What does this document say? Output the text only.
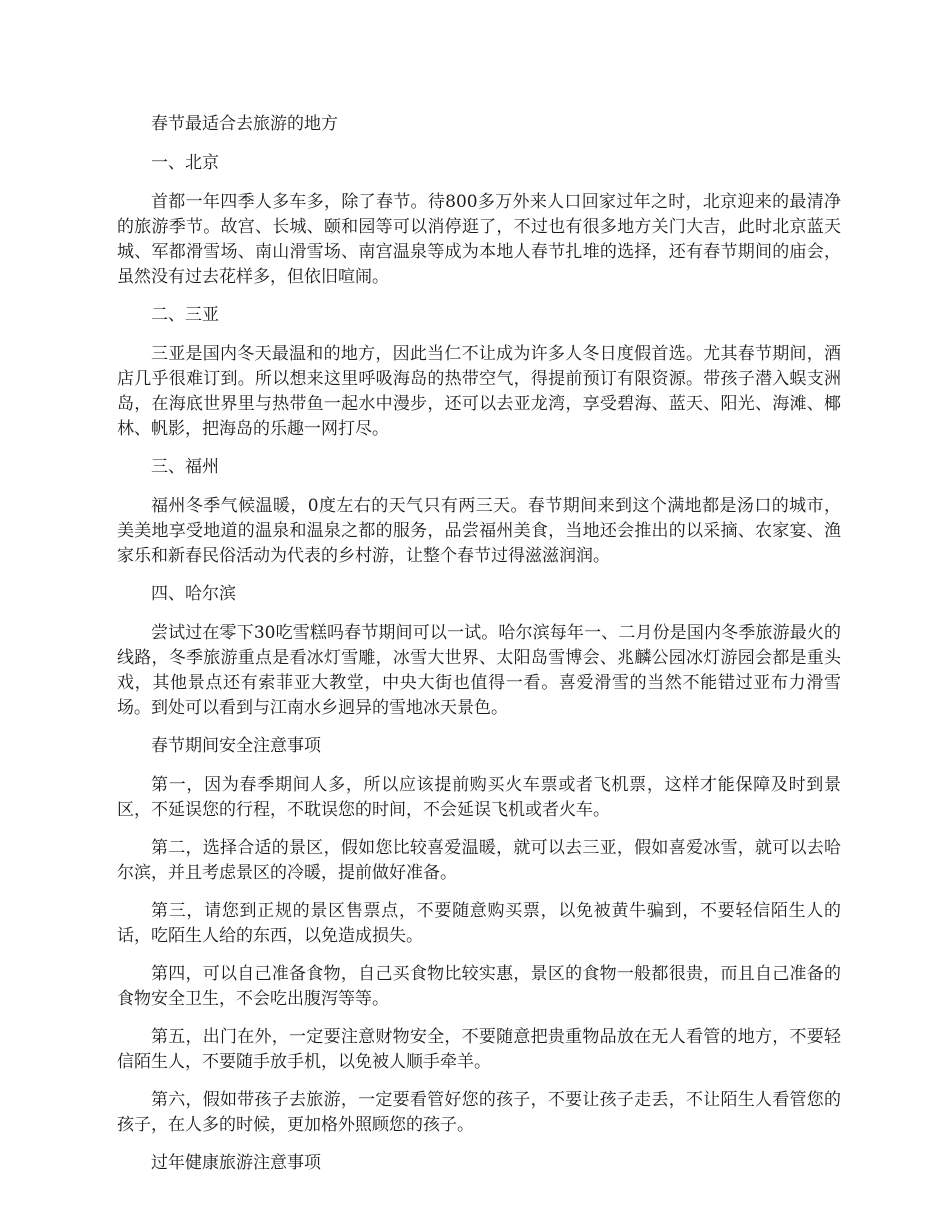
春节最适合去旅游的地方

一、北京

首都一年四季人多车多，除了春节。待800多万外来人口回家过年之时，北京迎来的最清净的旅游季节。故宫、长城、颐和园等可以消停逛了，不过也有很多地方关门大吉，此时北京蓝天城、军都滑雪场、南山滑雪场、南宫温泉等成为本地人春节扎堆的选择，还有春节期间的庙会，虽然没有过去花样多，但依旧喧闹。

二、三亚

三亚是国内冬天最温和的地方，因此当仁不让成为许多人冬日度假首选。尤其春节期间，酒店几乎很难订到。所以想来这里呼吸海岛的热带空气，得提前预订有限资源。带孩子潜入蜈支洲岛，在海底世界里与热带鱼一起水中漫步，还可以去亚龙湾，享受碧海、蓝天、阳光、海滩、椰林、帆影，把海岛的乐趣一网打尽。

三、福州

福州冬季气候温暖，0度左右的天气只有两三天。春节期间来到这个满地都是汤口的城市，美美地享受地道的温泉和温泉之都的服务，品尝福州美食，当地还会推出的以采摘、农家宴、渔家乐和新春民俗活动为代表的乡村游，让整个春节过得滋滋润润。

四、哈尔滨

尝试过在零下30吃雪糕吗春节期间可以一试。哈尔滨每年一、二月份是国内冬季旅游最火的线路，冬季旅游重点是看冰灯雪雕，冰雪大世界、太阳岛雪博会、兆麟公园冰灯游园会都是重头戏，其他景点还有索菲亚大教堂，中央大街也值得一看。喜爱滑雪的当然不能错过亚布力滑雪场。到处可以看到与江南水乡迥异的雪地冰天景色。

春节期间安全注意事项

第一，因为春季期间人多，所以应该提前购买火车票或者飞机票，这样才能保障及时到景区，不延误您的行程，不耽误您的时间，不会延误飞机或者火车。

第二，选择合适的景区，假如您比较喜爱温暖，就可以去三亚，假如喜爱冰雪，就可以去哈尔滨，并且考虑景区的冷暖，提前做好准备。

第三，请您到正规的景区售票点，不要随意购买票，以免被黄牛骗到，不要轻信陌生人的话，吃陌生人给的东西，以免造成损失。

第四，可以自己准备食物，自己买食物比较实惠，景区的食物一般都很贵，而且自己准备的食物安全卫生，不会吃出腹泻等等。

第五，出门在外，一定要注意财物安全，不要随意把贵重物品放在无人看管的地方，不要轻信陌生人，不要随手放手机，以免被人顺手牵羊。

第六，假如带孩子去旅游，一定要看管好您的孩子，不要让孩子走丢，不让陌生人看管您的孩子，在人多的时候，更加格外照顾您的孩子。

过年健康旅游注意事项
